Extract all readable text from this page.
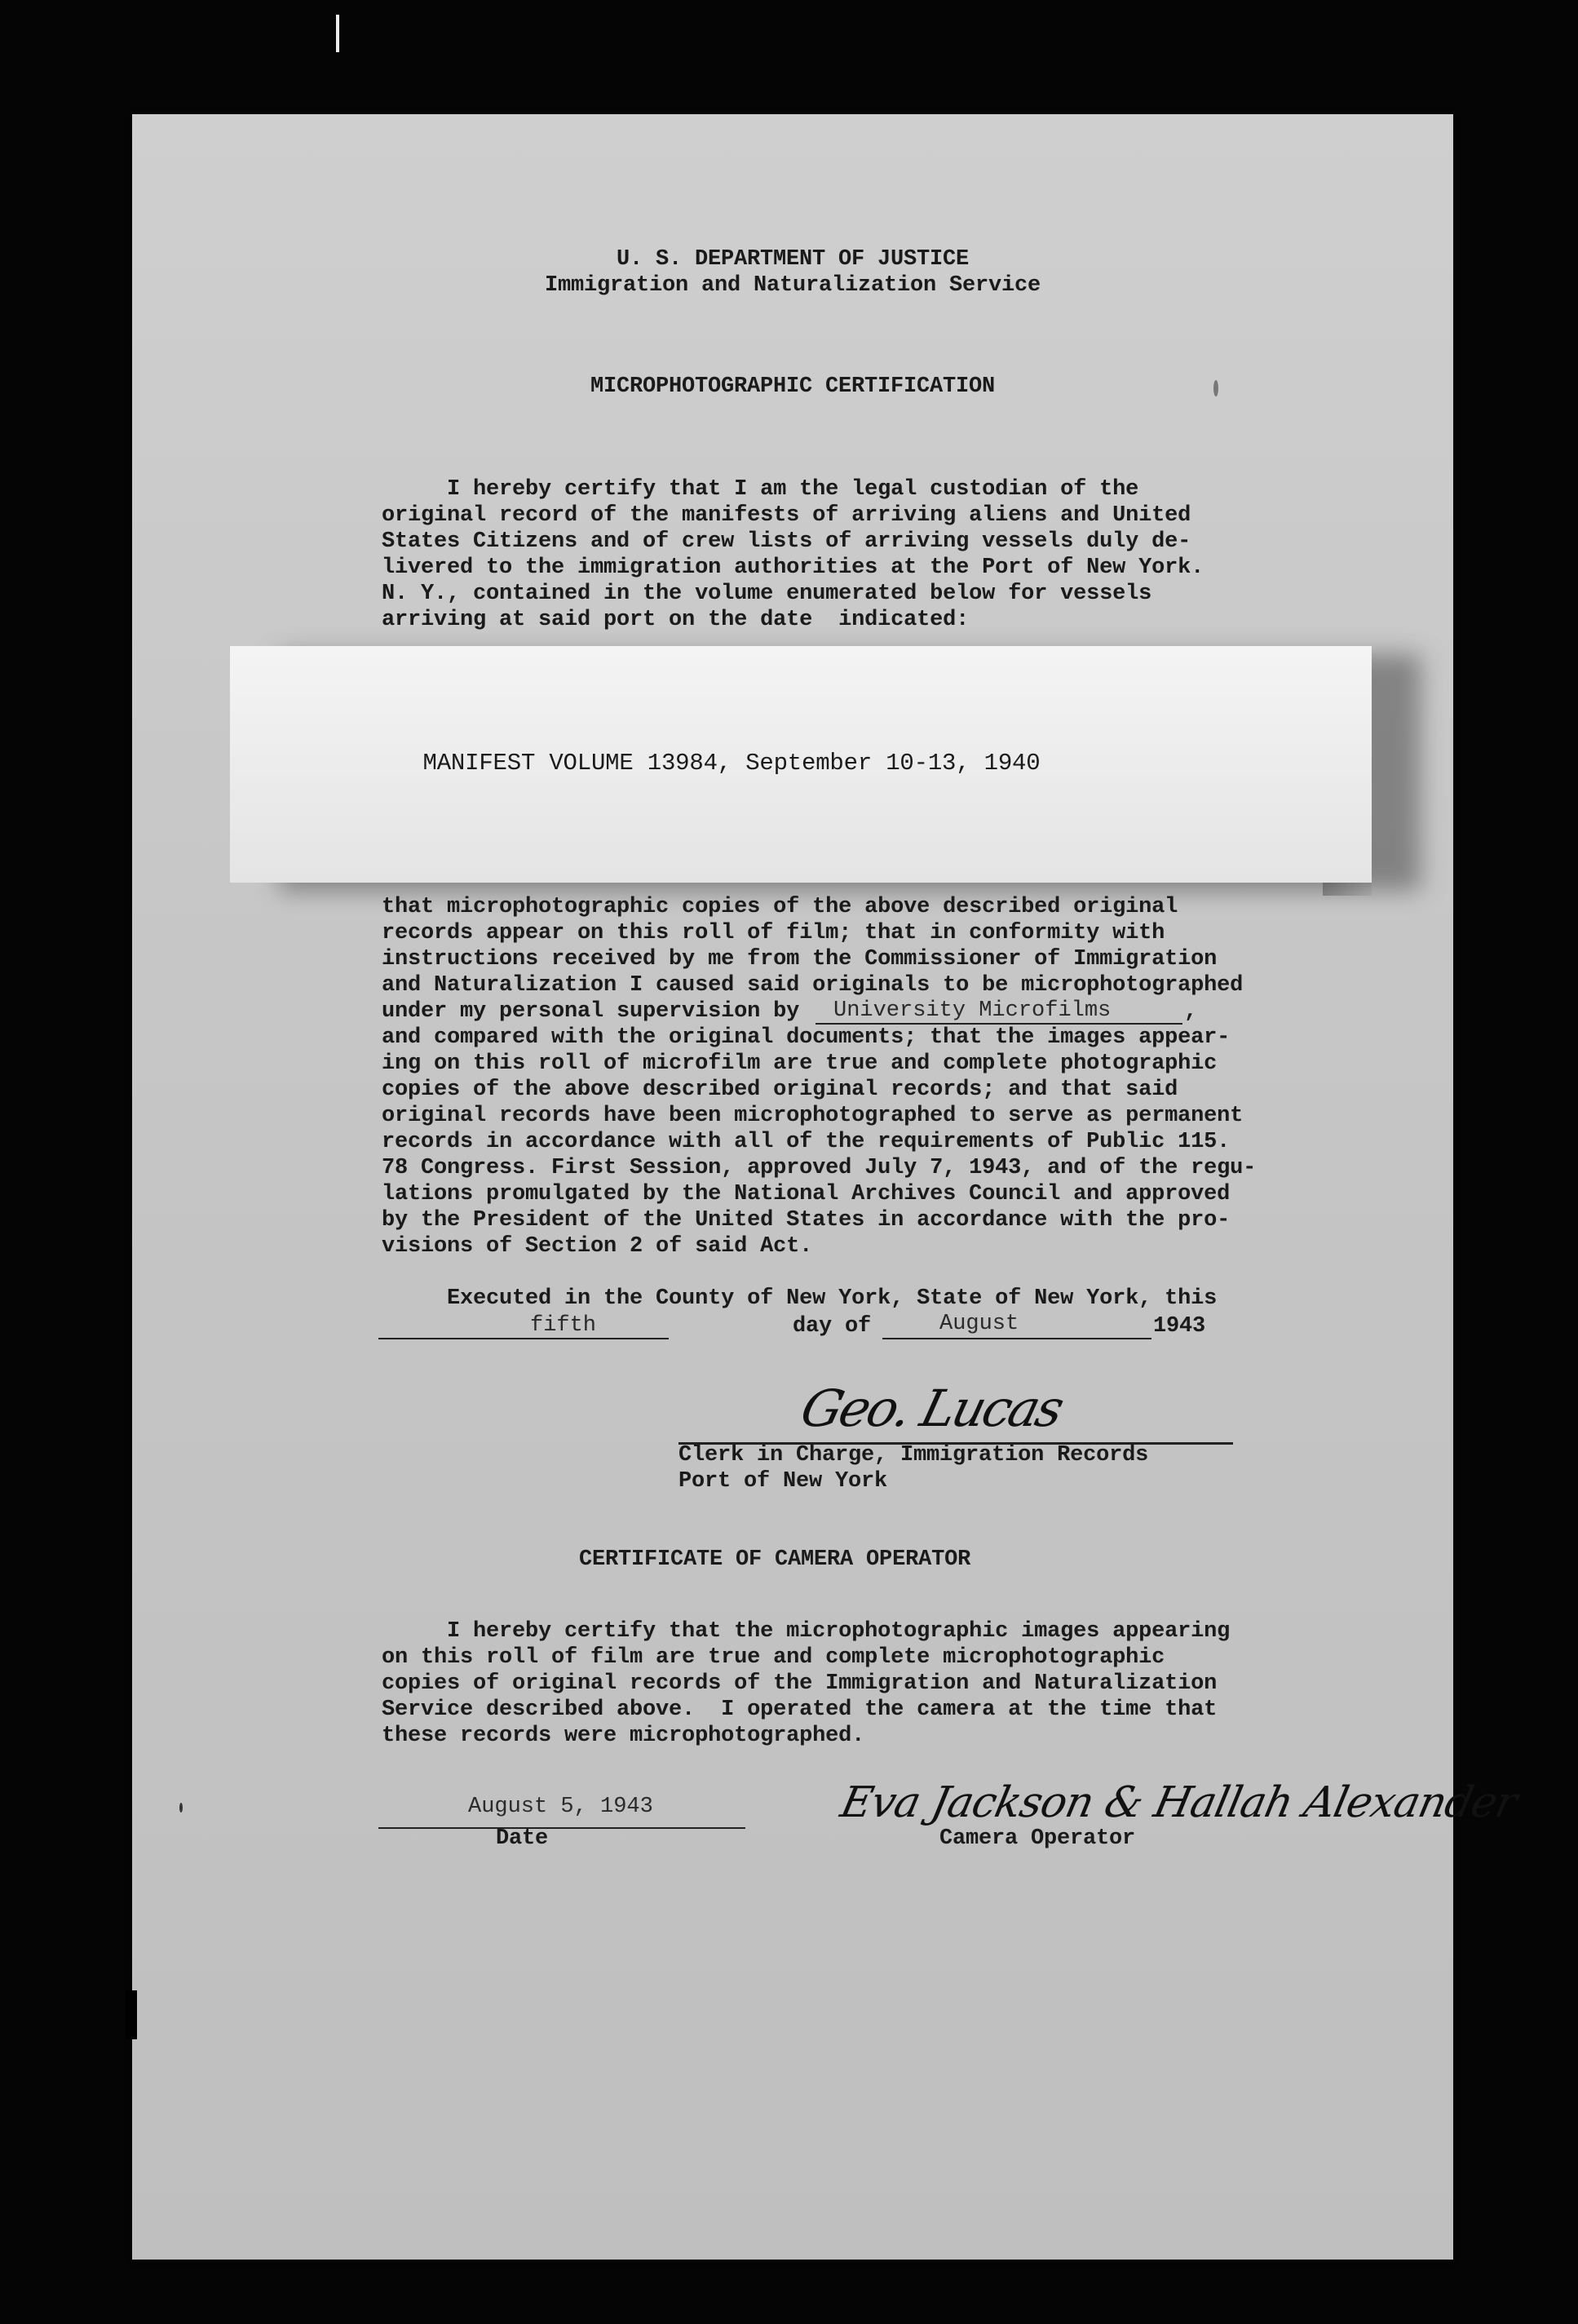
U. S. DEPARTMENT OF JUSTICE
Immigration and Naturalization Service
MICROPHOTOGRAPHIC CERTIFICATION
I hereby certify that I am the legal custodian of the
original record of the manifests of arriving aliens and United
States Citizens and of crew lists of arriving vessels duly de-
livered to the immigration authorities at the Port of New York.
N. Y., contained in the volume enumerated below for vessels
arriving at said port on the date  indicated:
MANIFEST VOLUME 13984, September 10-13, 1940
that microphotographic copies of the above described original
records appear on this roll of film; that in conformity with
instructions received by me from the Commissioner of Immigration
and Naturalization I caused said originals to be microphotographed
under my personal supervision by University Microfilms	,
and compared with the original documents; that the images appear-
ing on this roll of microfilm are true and complete photographic
copies of the above described original records; and that said
original records have been microphotographed to serve as permanent
records in accordance with all of the requirements of Public 115.
78 Congress. First Session, approved July 7, 1943, and of the regu-
lations promulgated by the National Archives Council and approved
by the President of the United States in accordance with the pro-
visions of Section 2 of said Act.
Executed in the County of New York, State of New York, this
fifth	day of	August	1943
Geo. Lucas
Clerk in Charge, Immigration Records
Port of New York
CERTIFICATE OF CAMERA OPERATOR
I hereby certify that the microphotographic images appearing
on this roll of film are true and complete microphotographic
copies of original records of the Immigration and Naturalization
Service described above.  I operated the camera at the time that
these records were microphotographed.
August 5, 1943
Date
Eva Jackson & Hallah Alexander
Camera Operator
